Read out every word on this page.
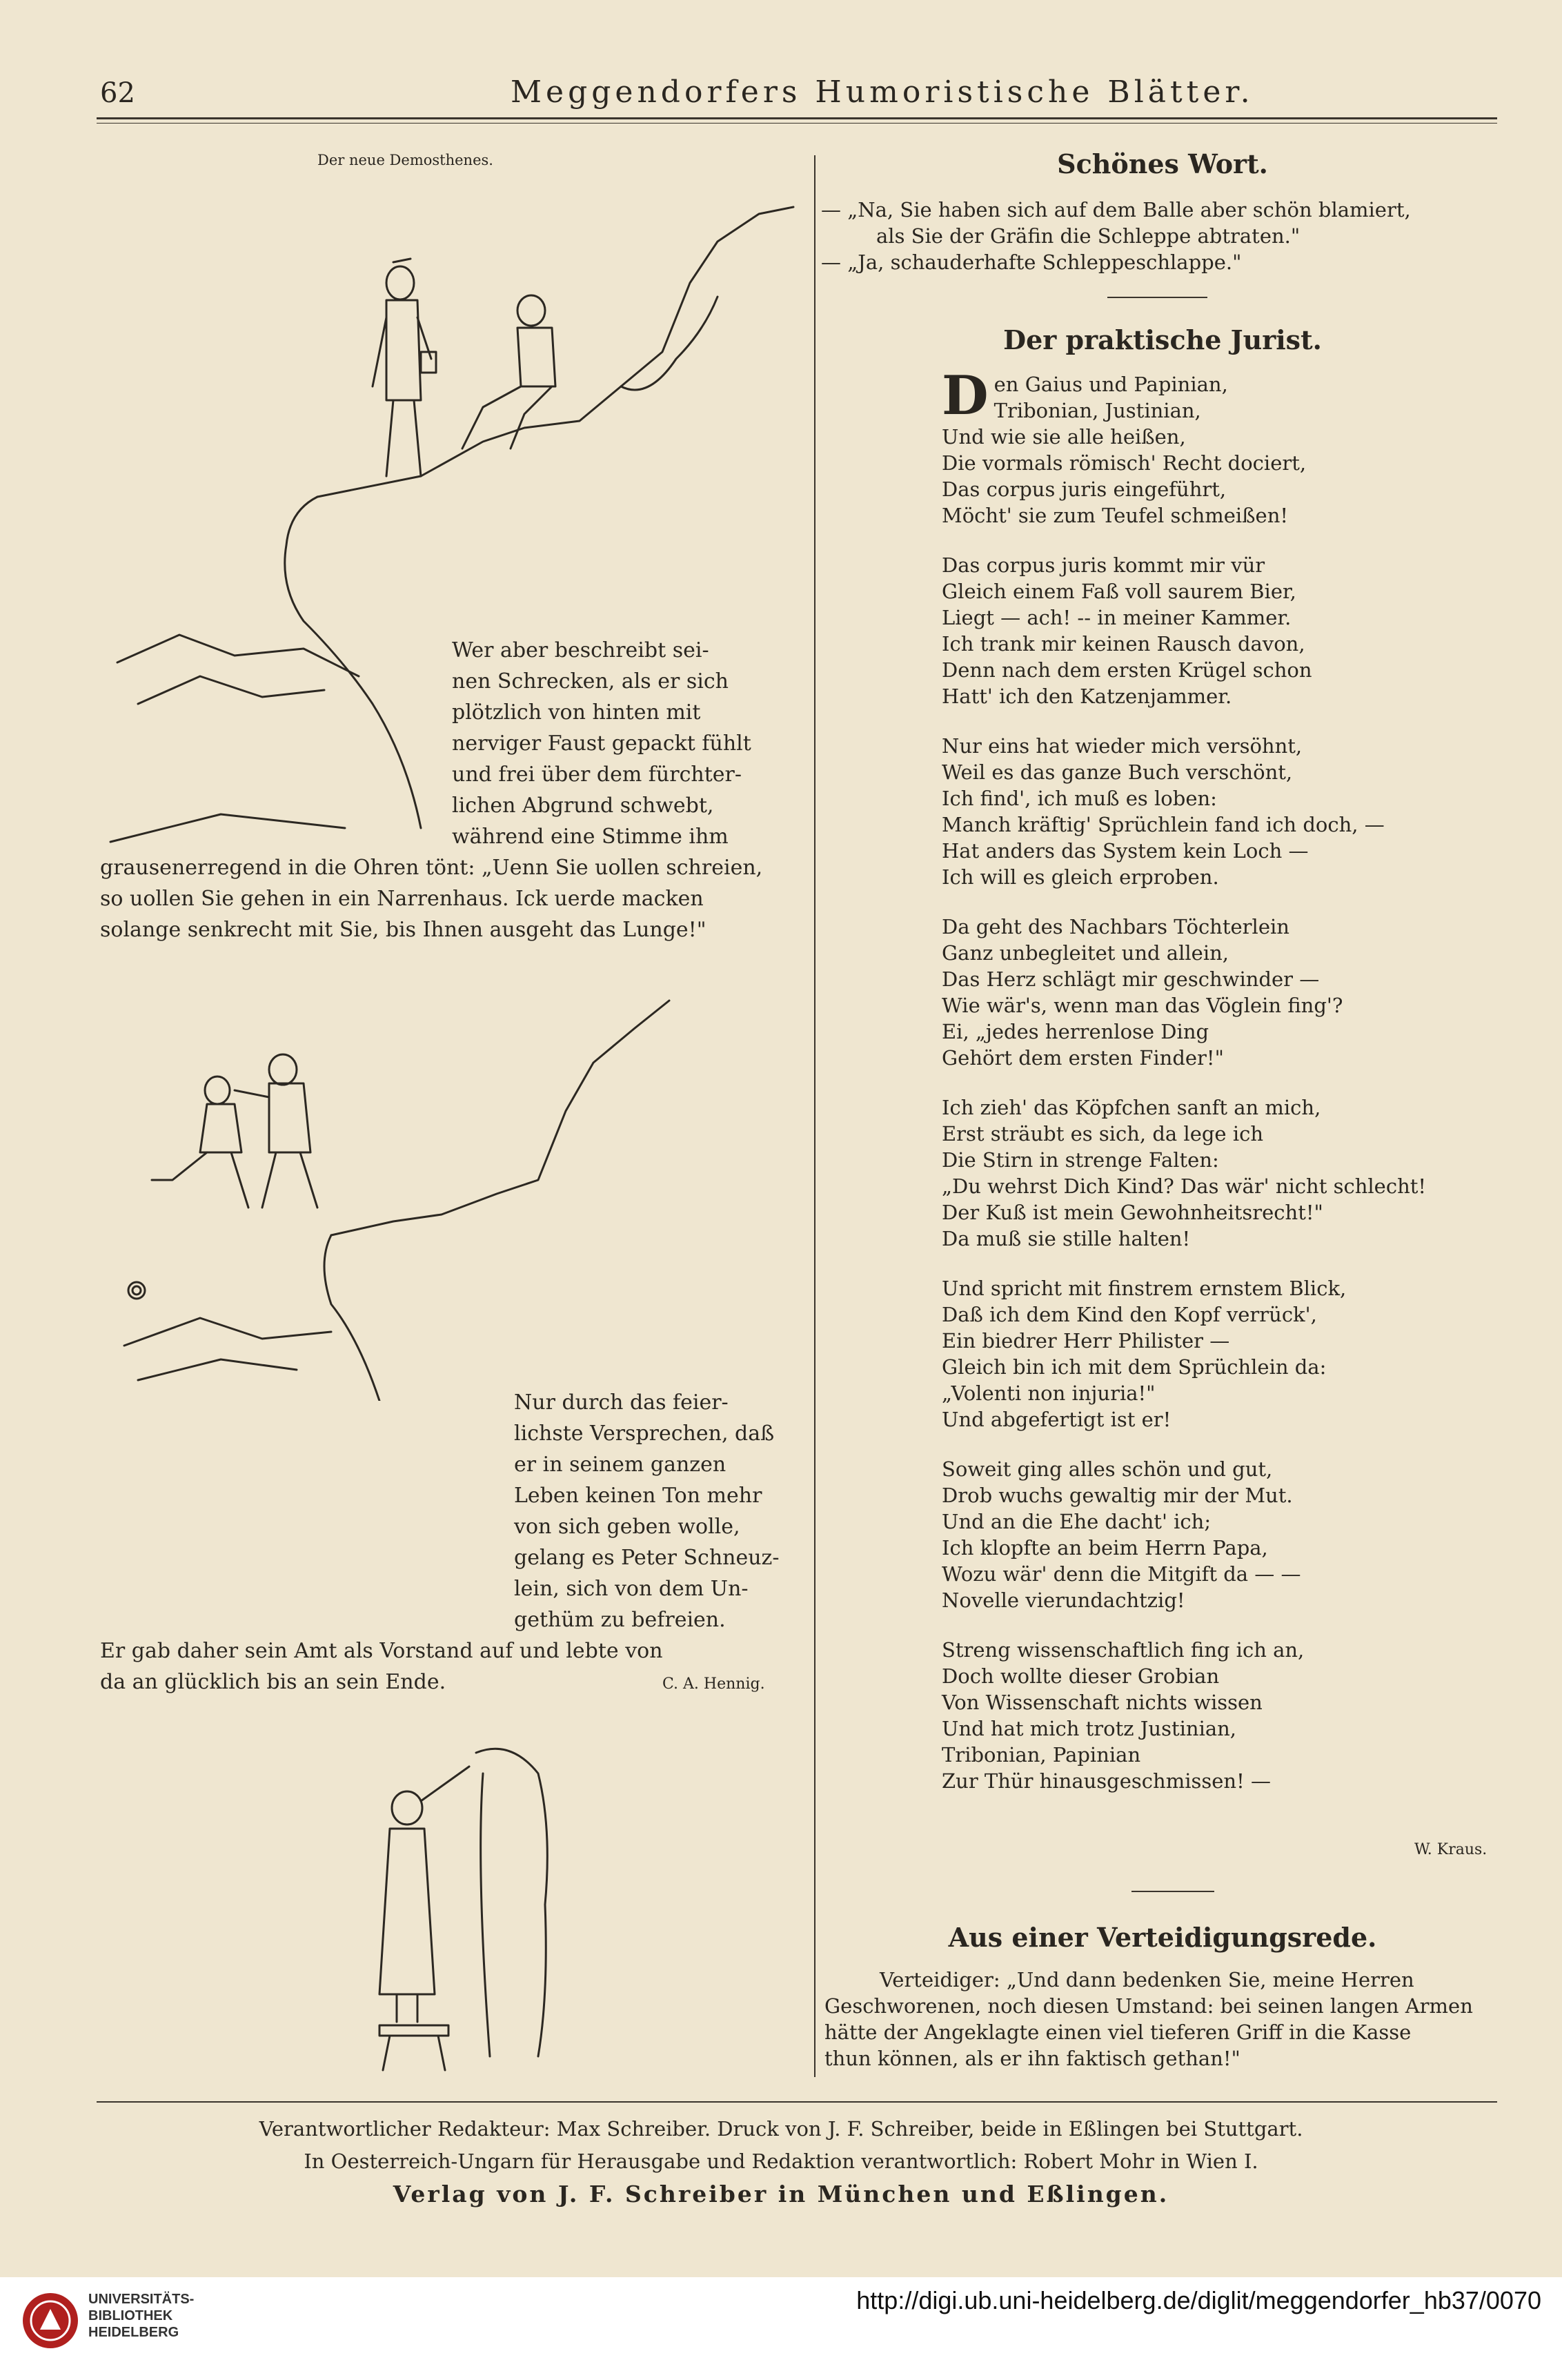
62	Meggendorfers Humoristische Blätter.
Der neue Demosthenes.
Wer aber beschreibt sei-
nen Schrecken, als er sich
plötzlich von hinten mit
nerviger Faust gepackt fühlt
und frei über dem fürchter-
lichen Abgrund schwebt,
während eine Stimme ihm
grausenerregend in die Ohren tönt: „Uenn Sie uollen schreien,
so uollen Sie gehen in ein Narrenhaus. Ick uerde macken
solange senkrecht mit Sie, bis Ihnen ausgeht das Lunge!"
Nur durch das feier-
lichste Versprechen, daß
er in seinem ganzen
Leben keinen Ton mehr
von sich geben wolle,
gelang es Peter Schneuz-
lein, sich von dem Un-
gethüm zu befreien.
Er gab daher sein Amt als Vorstand auf und lebte von
da an glücklich bis an sein Ende.	C. A. Hennig.
Schönes Wort.
— „Na, Sie haben sich auf dem Balle aber schön blamiert,
als Sie der Gräfin die Schleppe abtraten."
— „Ja, schauderhafte Schleppeschlappe."
Der praktische Jurist.
Den Gaius und Papinian,
Tribonian, Justinian,
Und wie sie alle heißen,
Die vormals römisch' Recht dociert,
Das corpus juris eingeführt,
Möcht' sie zum Teufel schmeißen!
Das corpus juris kommt mir vür
Gleich einem Faß voll saurem Bier,
Liegt — ach! -- in meiner Kammer.
Ich trank mir keinen Rausch davon,
Denn nach dem ersten Krügel schon
Hatt' ich den Katzenjammer.
Nur eins hat wieder mich versöhnt,
Weil es das ganze Buch verschönt,
Ich find', ich muß es loben:
Manch kräftig' Sprüchlein fand ich doch, —
Hat anders das System kein Loch —
Ich will es gleich erproben.
Da geht des Nachbars Töchterlein
Ganz unbegleitet und allein,
Das Herz schlägt mir geschwinder —
Wie wär's, wenn man das Vöglein fing'?
Ei, „jedes herrenlose Ding
Gehört dem ersten Finder!"
Ich zieh' das Köpfchen sanft an mich,
Erst sträubt es sich, da lege ich
Die Stirn in strenge Falten:
„Du wehrst Dich Kind? Das wär' nicht schlecht!
Der Kuß ist mein Gewohnheitsrecht!"
Da muß sie stille halten!
Und spricht mit finstrem ernstem Blick,
Daß ich dem Kind den Kopf verrück',
Ein biedrer Herr Philister —
Gleich bin ich mit dem Sprüchlein da:
„Volenti non injuria!"
Und abgefertigt ist er!
Soweit ging alles schön und gut,
Drob wuchs gewaltig mir der Mut.
Und an die Ehe dacht' ich;
Ich klopfte an beim Herrn Papa,
Wozu wär' denn die Mitgift da — —
Novelle vierundachtzig!
Streng wissenschaftlich fing ich an,
Doch wollte dieser Grobian
Von Wissenschaft nichts wissen
Und hat mich trotz Justinian,
Tribonian, Papinian
Zur Thür hinausgeschmissen! —
W. Kraus.
Aus einer Verteidigungsrede.
Verteidiger: „Und dann bedenken Sie, meine Herren
Geschworenen, noch diesen Umstand: bei seinen langen Armen
hätte der Angeklagte einen viel tieferen Griff in die Kasse
thun können, als er ihn faktisch gethan!"
Verantwortlicher Redakteur: Max Schreiber. Druck von J. F. Schreiber, beide in Eßlingen bei Stuttgart.
In Oesterreich-Ungarn für Herausgabe und Redaktion verantwortlich: Robert Mohr in Wien I.
Verlag von J. F. Schreiber in München und Eßlingen.
UNIVERSITÄTS-
BIBLIOTHEK
HEIDELBERG
http://digi.ub.uni-heidelberg.de/diglit/meggendorfer_hb37/0070
